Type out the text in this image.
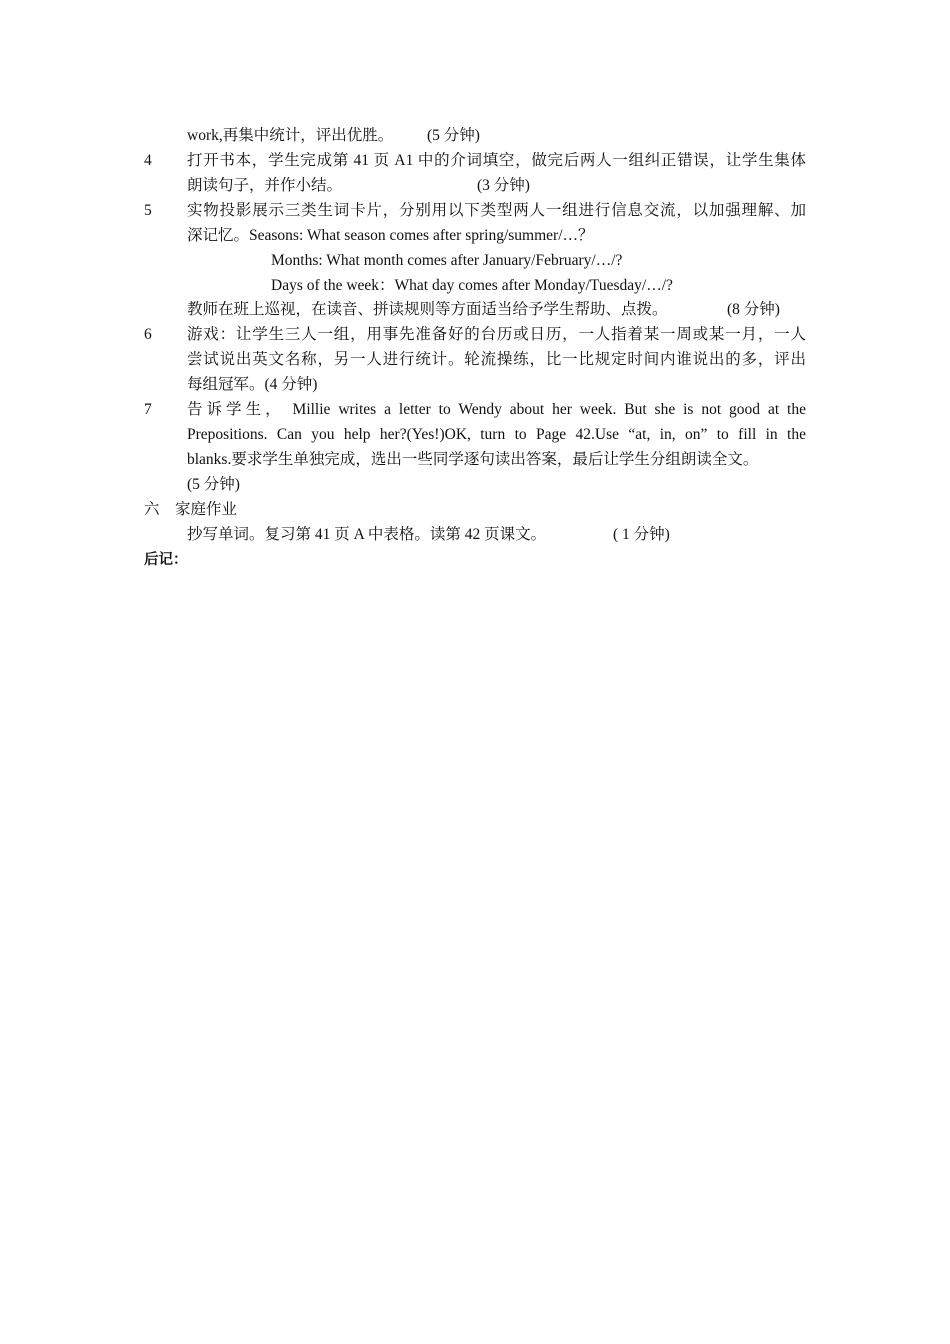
work,再集中统计，评出优胜。 (5 分钟)
4 打开书本，学生完成第 41 页 A1 中的介词填空，做完后两人一组纠正错误，让学生集体
朗读句子，并作小结。	(3 分钟)
5 实物投影展示三类生词卡片，分别用以下类型两人一组进行信息交流，以加强理解、加
深记忆。Seasons: What season comes after spring/summer/…？
Months: What month comes after January/February/…/?
Days of the week：What day comes after Monday/Tuesday/…/?
教师在班上巡视，在读音、拼读规则等方面适当给予学生帮助、点拨。	(8 分钟)
6 游戏：让学生三人一组，用事先准备好的台历或日历，一人指着某一周或某一月，一人
尝试说出英文名称，另一人进行统计。轮流操练，比一比规定时间内谁说出的多，评出
每组冠军。(4 分钟)
7 告诉学生， Millie writes a letter to Wendy about her week. But she is not good at the
Prepositions. Can you help her?(Yes!)OK, turn to Page 42.Use “at, in, on” to fill in the
blanks.要求学生单独完成，选出一些同学逐句读出答案，最后让学生分组朗读全文。
(5 分钟)
六 家庭作业
抄写单词。复习第 41 页 A 中表格。读第 42 页课文。	( 1 分钟)
后记：
